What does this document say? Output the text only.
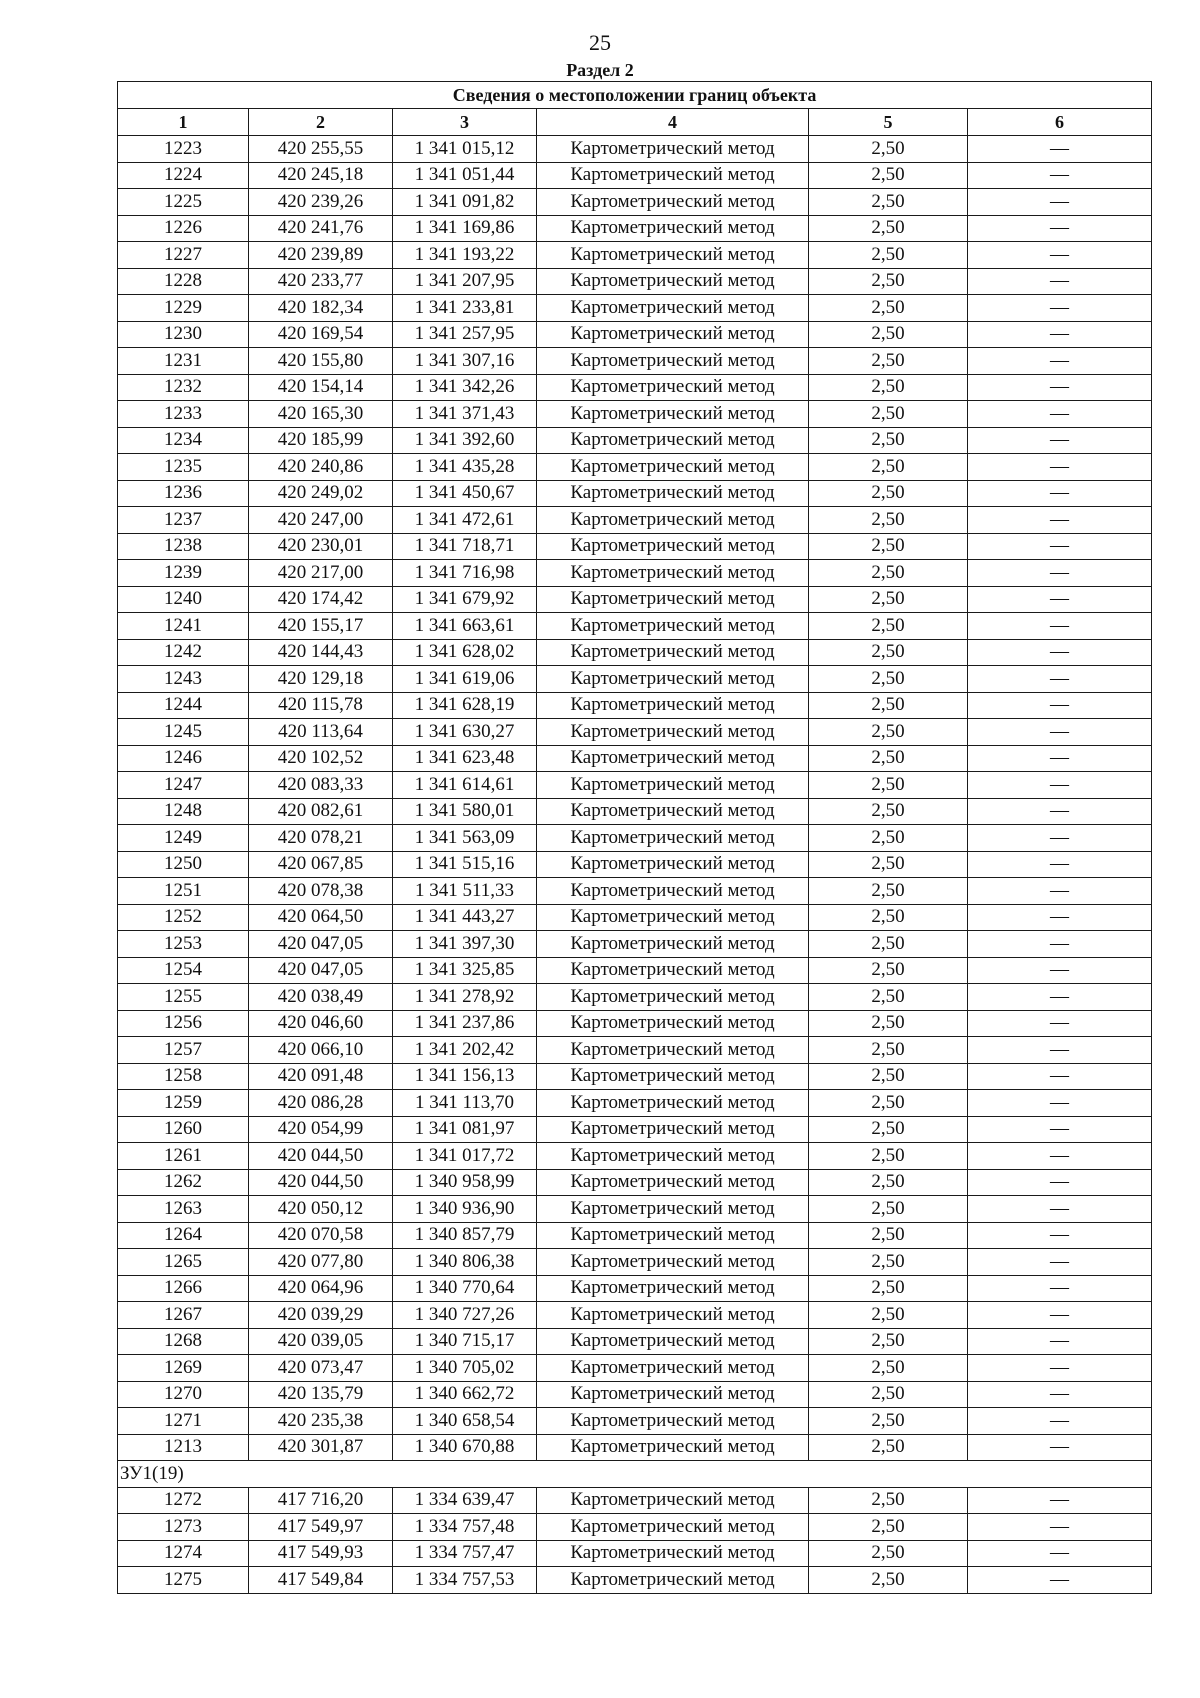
25
Раздел 2
Сведения о местоположении границ объекта					
1	2	3	4	5	6
1223	420 255,55	1 341 015,12	Картометрический метод	2,50	—
1224	420 245,18	1 341 051,44	Картометрический метод	2,50	—
1225	420 239,26	1 341 091,82	Картометрический метод	2,50	—
1226	420 241,76	1 341 169,86	Картометрический метод	2,50	—
1227	420 239,89	1 341 193,22	Картометрический метод	2,50	—
1228	420 233,77	1 341 207,95	Картометрический метод	2,50	—
1229	420 182,34	1 341 233,81	Картометрический метод	2,50	—
1230	420 169,54	1 341 257,95	Картометрический метод	2,50	—
1231	420 155,80	1 341 307,16	Картометрический метод	2,50	—
1232	420 154,14	1 341 342,26	Картометрический метод	2,50	—
1233	420 165,30	1 341 371,43	Картометрический метод	2,50	—
1234	420 185,99	1 341 392,60	Картометрический метод	2,50	—
1235	420 240,86	1 341 435,28	Картометрический метод	2,50	—
1236	420 249,02	1 341 450,67	Картометрический метод	2,50	—
1237	420 247,00	1 341 472,61	Картометрический метод	2,50	—
1238	420 230,01	1 341 718,71	Картометрический метод	2,50	—
1239	420 217,00	1 341 716,98	Картометрический метод	2,50	—
1240	420 174,42	1 341 679,92	Картометрический метод	2,50	—
1241	420 155,17	1 341 663,61	Картометрический метод	2,50	—
1242	420 144,43	1 341 628,02	Картометрический метод	2,50	—
1243	420 129,18	1 341 619,06	Картометрический метод	2,50	—
1244	420 115,78	1 341 628,19	Картометрический метод	2,50	—
1245	420 113,64	1 341 630,27	Картометрический метод	2,50	—
1246	420 102,52	1 341 623,48	Картометрический метод	2,50	—
1247	420 083,33	1 341 614,61	Картометрический метод	2,50	—
1248	420 082,61	1 341 580,01	Картометрический метод	2,50	—
1249	420 078,21	1 341 563,09	Картометрический метод	2,50	—
1250	420 067,85	1 341 515,16	Картометрический метод	2,50	—
1251	420 078,38	1 341 511,33	Картометрический метод	2,50	—
1252	420 064,50	1 341 443,27	Картометрический метод	2,50	—
1253	420 047,05	1 341 397,30	Картометрический метод	2,50	—
1254	420 047,05	1 341 325,85	Картометрический метод	2,50	—
1255	420 038,49	1 341 278,92	Картометрический метод	2,50	—
1256	420 046,60	1 341 237,86	Картометрический метод	2,50	—
1257	420 066,10	1 341 202,42	Картометрический метод	2,50	—
1258	420 091,48	1 341 156,13	Картометрический метод	2,50	—
1259	420 086,28	1 341 113,70	Картометрический метод	2,50	—
1260	420 054,99	1 341 081,97	Картометрический метод	2,50	—
1261	420 044,50	1 341 017,72	Картометрический метод	2,50	—
1262	420 044,50	1 340 958,99	Картометрический метод	2,50	—
1263	420 050,12	1 340 936,90	Картометрический метод	2,50	—
1264	420 070,58	1 340 857,79	Картометрический метод	2,50	—
1265	420 077,80	1 340 806,38	Картометрический метод	2,50	—
1266	420 064,96	1 340 770,64	Картометрический метод	2,50	—
1267	420 039,29	1 340 727,26	Картометрический метод	2,50	—
1268	420 039,05	1 340 715,17	Картометрический метод	2,50	—
1269	420 073,47	1 340 705,02	Картометрический метод	2,50	—
1270	420 135,79	1 340 662,72	Картометрический метод	2,50	—
1271	420 235,38	1 340 658,54	Картометрический метод	2,50	—
1213	420 301,87	1 340 670,88	Картометрический метод	2,50	—
ЗУ1(19)					
1272	417 716,20	1 334 639,47	Картометрический метод	2,50	—
1273	417 549,97	1 334 757,48	Картометрический метод	2,50	—
1274	417 549,93	1 334 757,47	Картометрический метод	2,50	—
1275	417 549,84	1 334 757,53	Картометрический метод	2,50	—
